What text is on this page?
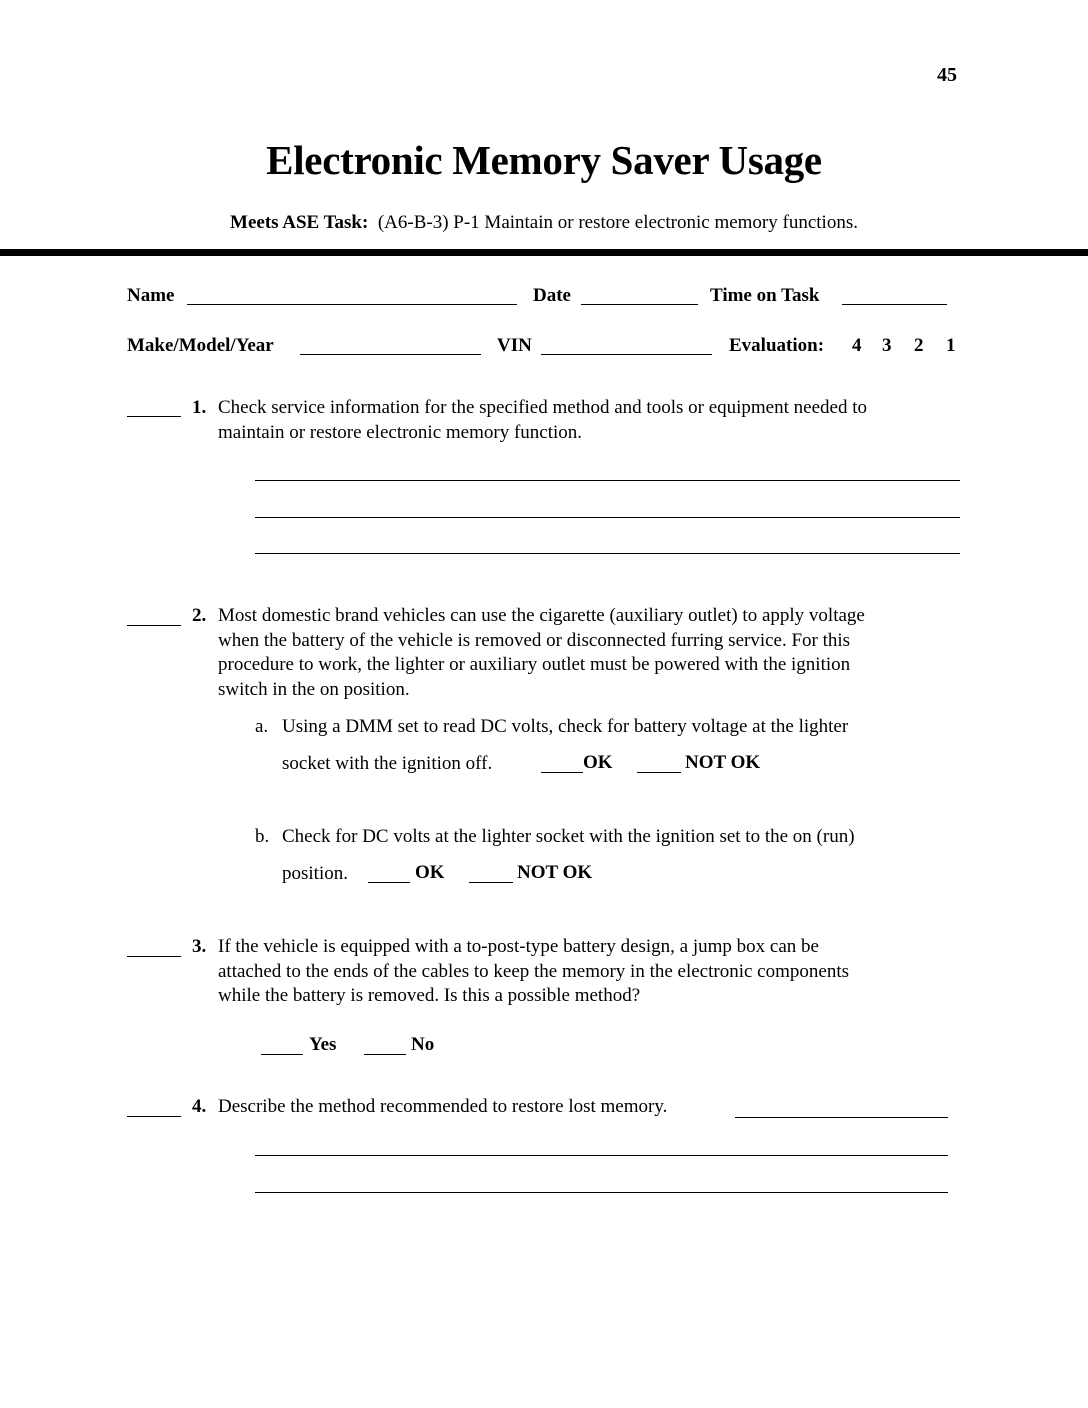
45
Electronic Memory Saver Usage
Meets ASE Task: (A6-B-3) P-1 Maintain or restore electronic memory functions.
Name	Date	Time on Task
Make/Model/Year	VIN	Evaluation: 4 3 2 1
1. Check service information for the specified method and tools or equipment needed to
maintain or restore electronic memory function.
2. Most domestic brand vehicles can use the cigarette (auxiliary outlet) to apply voltage
when the battery of the vehicle is removed or disconnected furring service. For this
procedure to work, the lighter or auxiliary outlet must be powered with the ignition
switch in the on position.
a. Using a DMM set to read DC volts, check for battery voltage at the lighter
socket with the ignition off.	OK	NOT OK
b. Check for DC volts at the lighter socket with the ignition set to the on (run)
position.	OK	NOT OK
3. If the vehicle is equipped with a to-post-type battery design, a jump box can be
attached to the ends of the cables to keep the memory in the electronic components
while the battery is removed. Is this a possible method?
Yes	No
4. Describe the method recommended to restore lost memory.
